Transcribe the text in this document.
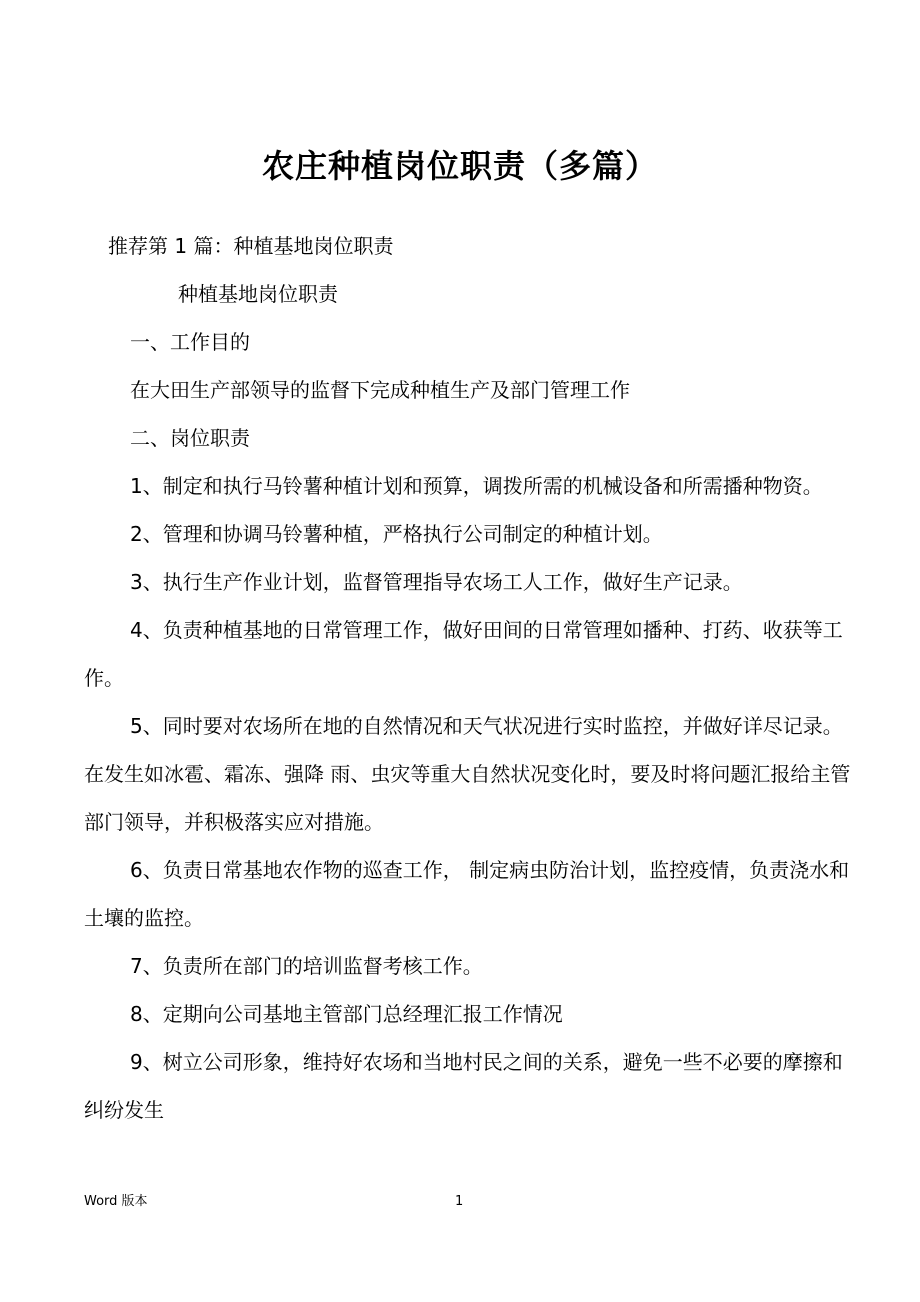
农庄种植岗位职责（多篇）

推荐第 1 篇：种植基地岗位职责

种植基地岗位职责

一、工作目的

在大田生产部领导的监督下完成种植生产及部门管理工作

二、岗位职责

1、制定和执行马铃薯种植计划和预算，调拨所需的机械设备和所需播种物资。

2、管理和协调马铃薯种植，严格执行公司制定的种植计划。

3、执行生产作业计划，监督管理指导农场工人工作，做好生产记录。

4、负责种植基地的日常管理工作，做好田间的日常管理如播种、打药、收获等工作。

5、同时要对农场所在地的自然情况和天气状况进行实时监控，并做好详尽记录。在发生如冰雹、霜冻、强降 雨、虫灾等重大自然状况变化时，要及时将问题汇报给主管部门领导，并积极落实应对措施。

6、负责日常基地农作物的巡查工作， 制定病虫防治计划，监控疫情，负责浇水和土壤的监控。

7、负责所在部门的培训监督考核工作。

8、定期向公司基地主管部门总经理汇报工作情况

9、树立公司形象，维持好农场和当地村民之间的关系，避免一些不必要的摩擦和纠纷发生

Word 版本	1
